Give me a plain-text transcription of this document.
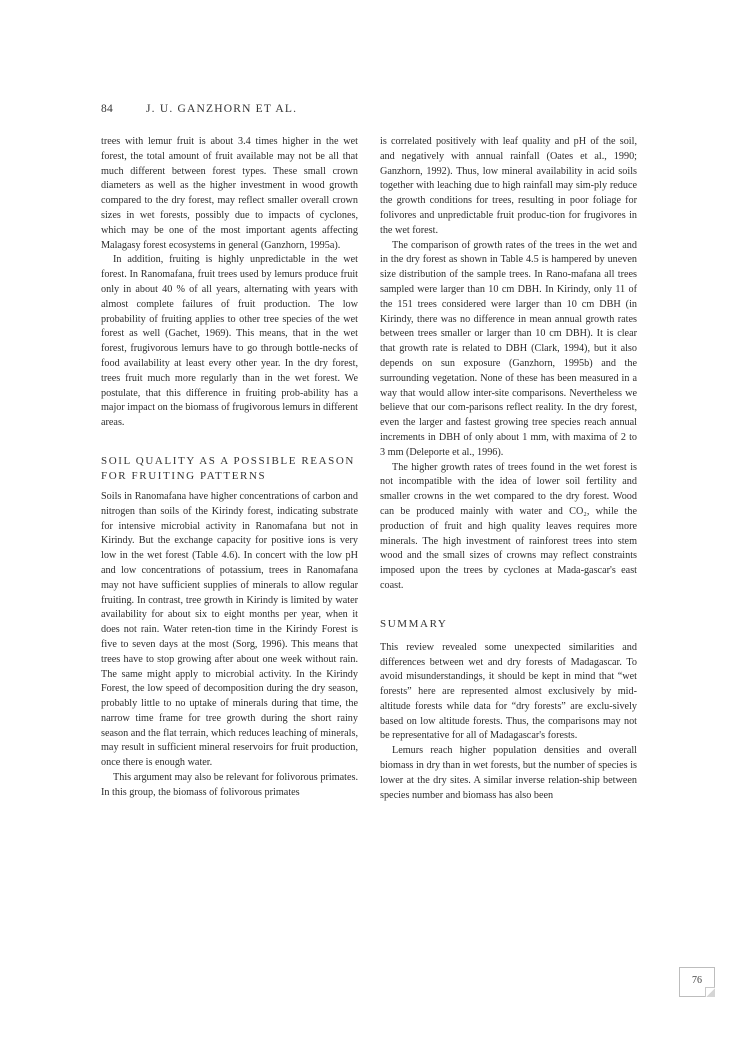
84	J. U. GANZHORN ET AL.

trees with lemur fruit is about 3.4 times higher in the wet forest, the total amount of fruit available may not be all that much different between forest types. These small crown diameters as well as the higher investment in wood growth compared to the dry forest, may reflect smaller overall crown sizes in wet forests, possibly due to impacts of cyclones, which may be one of the most important agents affecting Malagasy forest ecosystems in general (Ganzhorn, 1995a).

In addition, fruiting is highly unpredictable in the wet forest. In Ranomafana, fruit trees used by lemurs produce fruit only in about 40 % of all years, alternating with years with almost complete failures of fruit production. The low probability of fruiting applies to other tree species of the wet forest as well (Gachet, 1969). This means, that in the wet forest, frugivorous lemurs have to go through bottle-necks of food availability at least every other year. In the dry forest, trees fruit much more regularly than in the wet forest. We postulate, that this difference in fruiting prob-ability has a major impact on the biomass of frugivorous lemurs in different areas.

SOIL QUALITY AS A POSSIBLE REASON FOR FRUITING PATTERNS

Soils in Ranomafana have higher concentrations of carbon and nitrogen than soils of the Kirindy forest, indicating substrate for intensive microbial activity in Ranomafana but not in Kirindy. But the exchange capacity for positive ions is very low in the wet forest (Table 4.6). In concert with the low pH and low concentrations of potassium, trees in Ranomafana may not have sufficient supplies of minerals to allow regular fruiting. In contrast, tree growth in Kirindy is limited by water availability for about six to eight months per year, when it does not rain. Water reten-tion time in the Kirindy Forest is five to seven days at the most (Sorg, 1996). This means that trees have to stop growing after about one week without rain. The same might apply to microbial activity. In the Kirindy Forest, the low speed of decomposition during the dry season, probably little to no uptake of minerals during that time, the narrow time frame for tree growth during the short rainy season and the flat terrain, which reduces leaching of minerals, may result in sufficient mineral reservoirs for fruit production, once there is enough water.

This argument may also be relevant for folivorous primates. In this group, the biomass of folivorous primates

is correlated positively with leaf quality and pH of the soil, and negatively with annual rainfall (Oates et al., 1990; Ganzhorn, 1992). Thus, low mineral availability in acid soils together with leaching due to high rainfall may sim-ply reduce the growth conditions for trees, resulting in poor foliage for folivores and unpredictable fruit produc-tion for frugivores in the wet forest.

The comparison of growth rates of the trees in the wet and in the dry forest as shown in Table 4.5 is hampered by uneven size distribution of the sample trees. In Rano-mafana all trees sampled were larger than 10 cm DBH. In Kirindy, only 11 of the 151 trees considered were larger than 10 cm DBH (in Kirindy, there was no difference in mean annual growth rates between trees smaller or larger than 10 cm DBH). It is clear that growth rate is related to DBH (Clark, 1994), but it also depends on sun exposure (Ganzhorn, 1995b) and the surrounding vegetation. None of these has been measured in a way that would allow inter-site comparisons. Nevertheless we believe that our com-parisons reflect reality. In the dry forest, even the larger and fastest growing tree species reach annual increments in DBH of only about 1 mm, with maxima of 2 to 3 mm (Deleporte et al., 1996).

The higher growth rates of trees found in the wet forest is not incompatible with the idea of lower soil fertility and smaller crowns in the wet compared to the dry forest. Wood can be produced mainly with water and CO₂, while the production of fruit and high quality leaves requires more minerals. The high investment of rainforest trees into stem wood and the small sizes of crowns may reflect constraints imposed upon the trees by cyclones at Mada-gascar's east coast.

SUMMARY

This review revealed some unexpected similarities and differences between wet and dry forests of Madagascar. To avoid misunderstandings, it should be kept in mind that “wet forests” here are represented almost exclusively by mid-altitude forests while data for “dry forests” are exclu-sively based on low altitude forests. Thus, the comparisons may not be representative for all of Madagascar's forests.

Lemurs reach higher population densities and overall biomass in dry than in wet forests, but the number of species is lower at the dry sites. A similar inverse relation-ship between species number and biomass has also been

76
